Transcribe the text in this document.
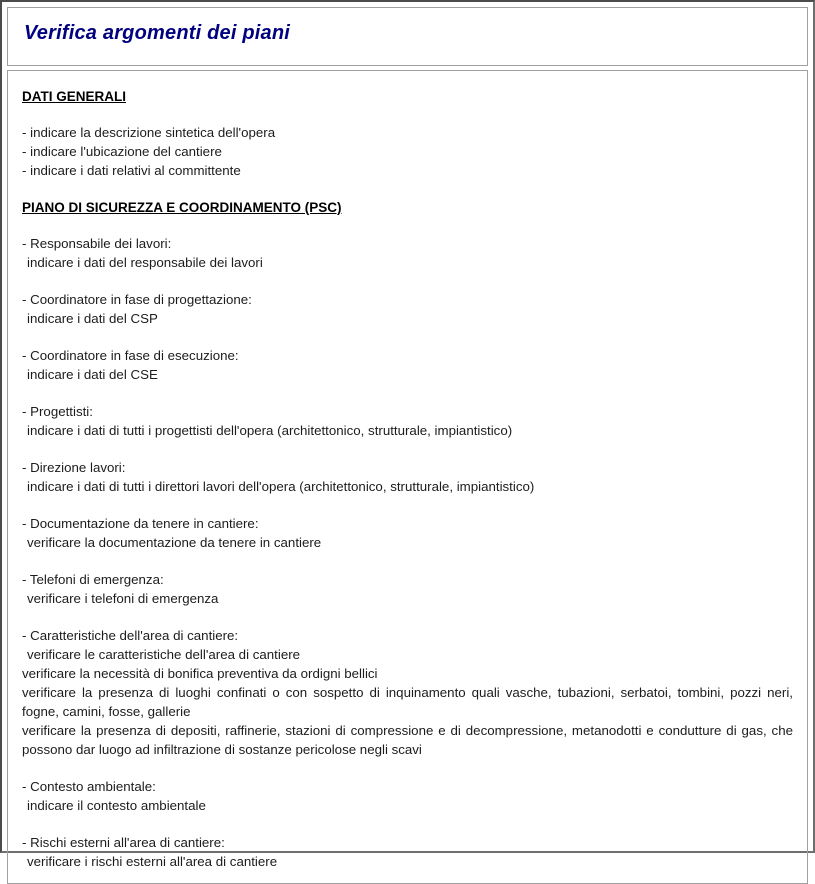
Verifica argomenti dei piani
DATI GENERALI
- indicare la descrizione sintetica dell'opera
- indicare l'ubicazione del cantiere
- indicare i dati relativi al committente
PIANO DI SICUREZZA E COORDINAMENTO (PSC)
- Responsabile dei lavori:
indicare i dati del responsabile dei lavori
- Coordinatore in fase di progettazione:
indicare i dati del CSP
- Coordinatore in fase di esecuzione:
indicare i dati del CSE
- Progettisti:
indicare i dati di tutti i progettisti dell'opera (architettonico, strutturale, impiantistico)
- Direzione lavori:
indicare i dati di tutti i direttori lavori dell'opera (architettonico, strutturale, impiantistico)
- Documentazione da tenere in cantiere:
verificare la documentazione da tenere in cantiere
- Telefoni di emergenza:
verificare i telefoni di emergenza
- Caratteristiche dell'area di cantiere:
verificare le caratteristiche dell'area di cantiere
verificare la necessità di bonifica preventiva da ordigni bellici
verificare la presenza di luoghi confinati o con sospetto di inquinamento quali vasche, tubazioni, serbatoi, tombini, pozzi neri, fogne, camini, fosse, gallerie
verificare la presenza di depositi, raffinerie, stazioni di compressione e di decompressione, metanodotti e condutture di gas, che possono dar luogo ad infiltrazione di sostanze pericolose negli scavi
- Contesto ambientale:
indicare il contesto ambientale
- Rischi esterni all'area di cantiere:
verificare i rischi esterni all'area di cantiere
